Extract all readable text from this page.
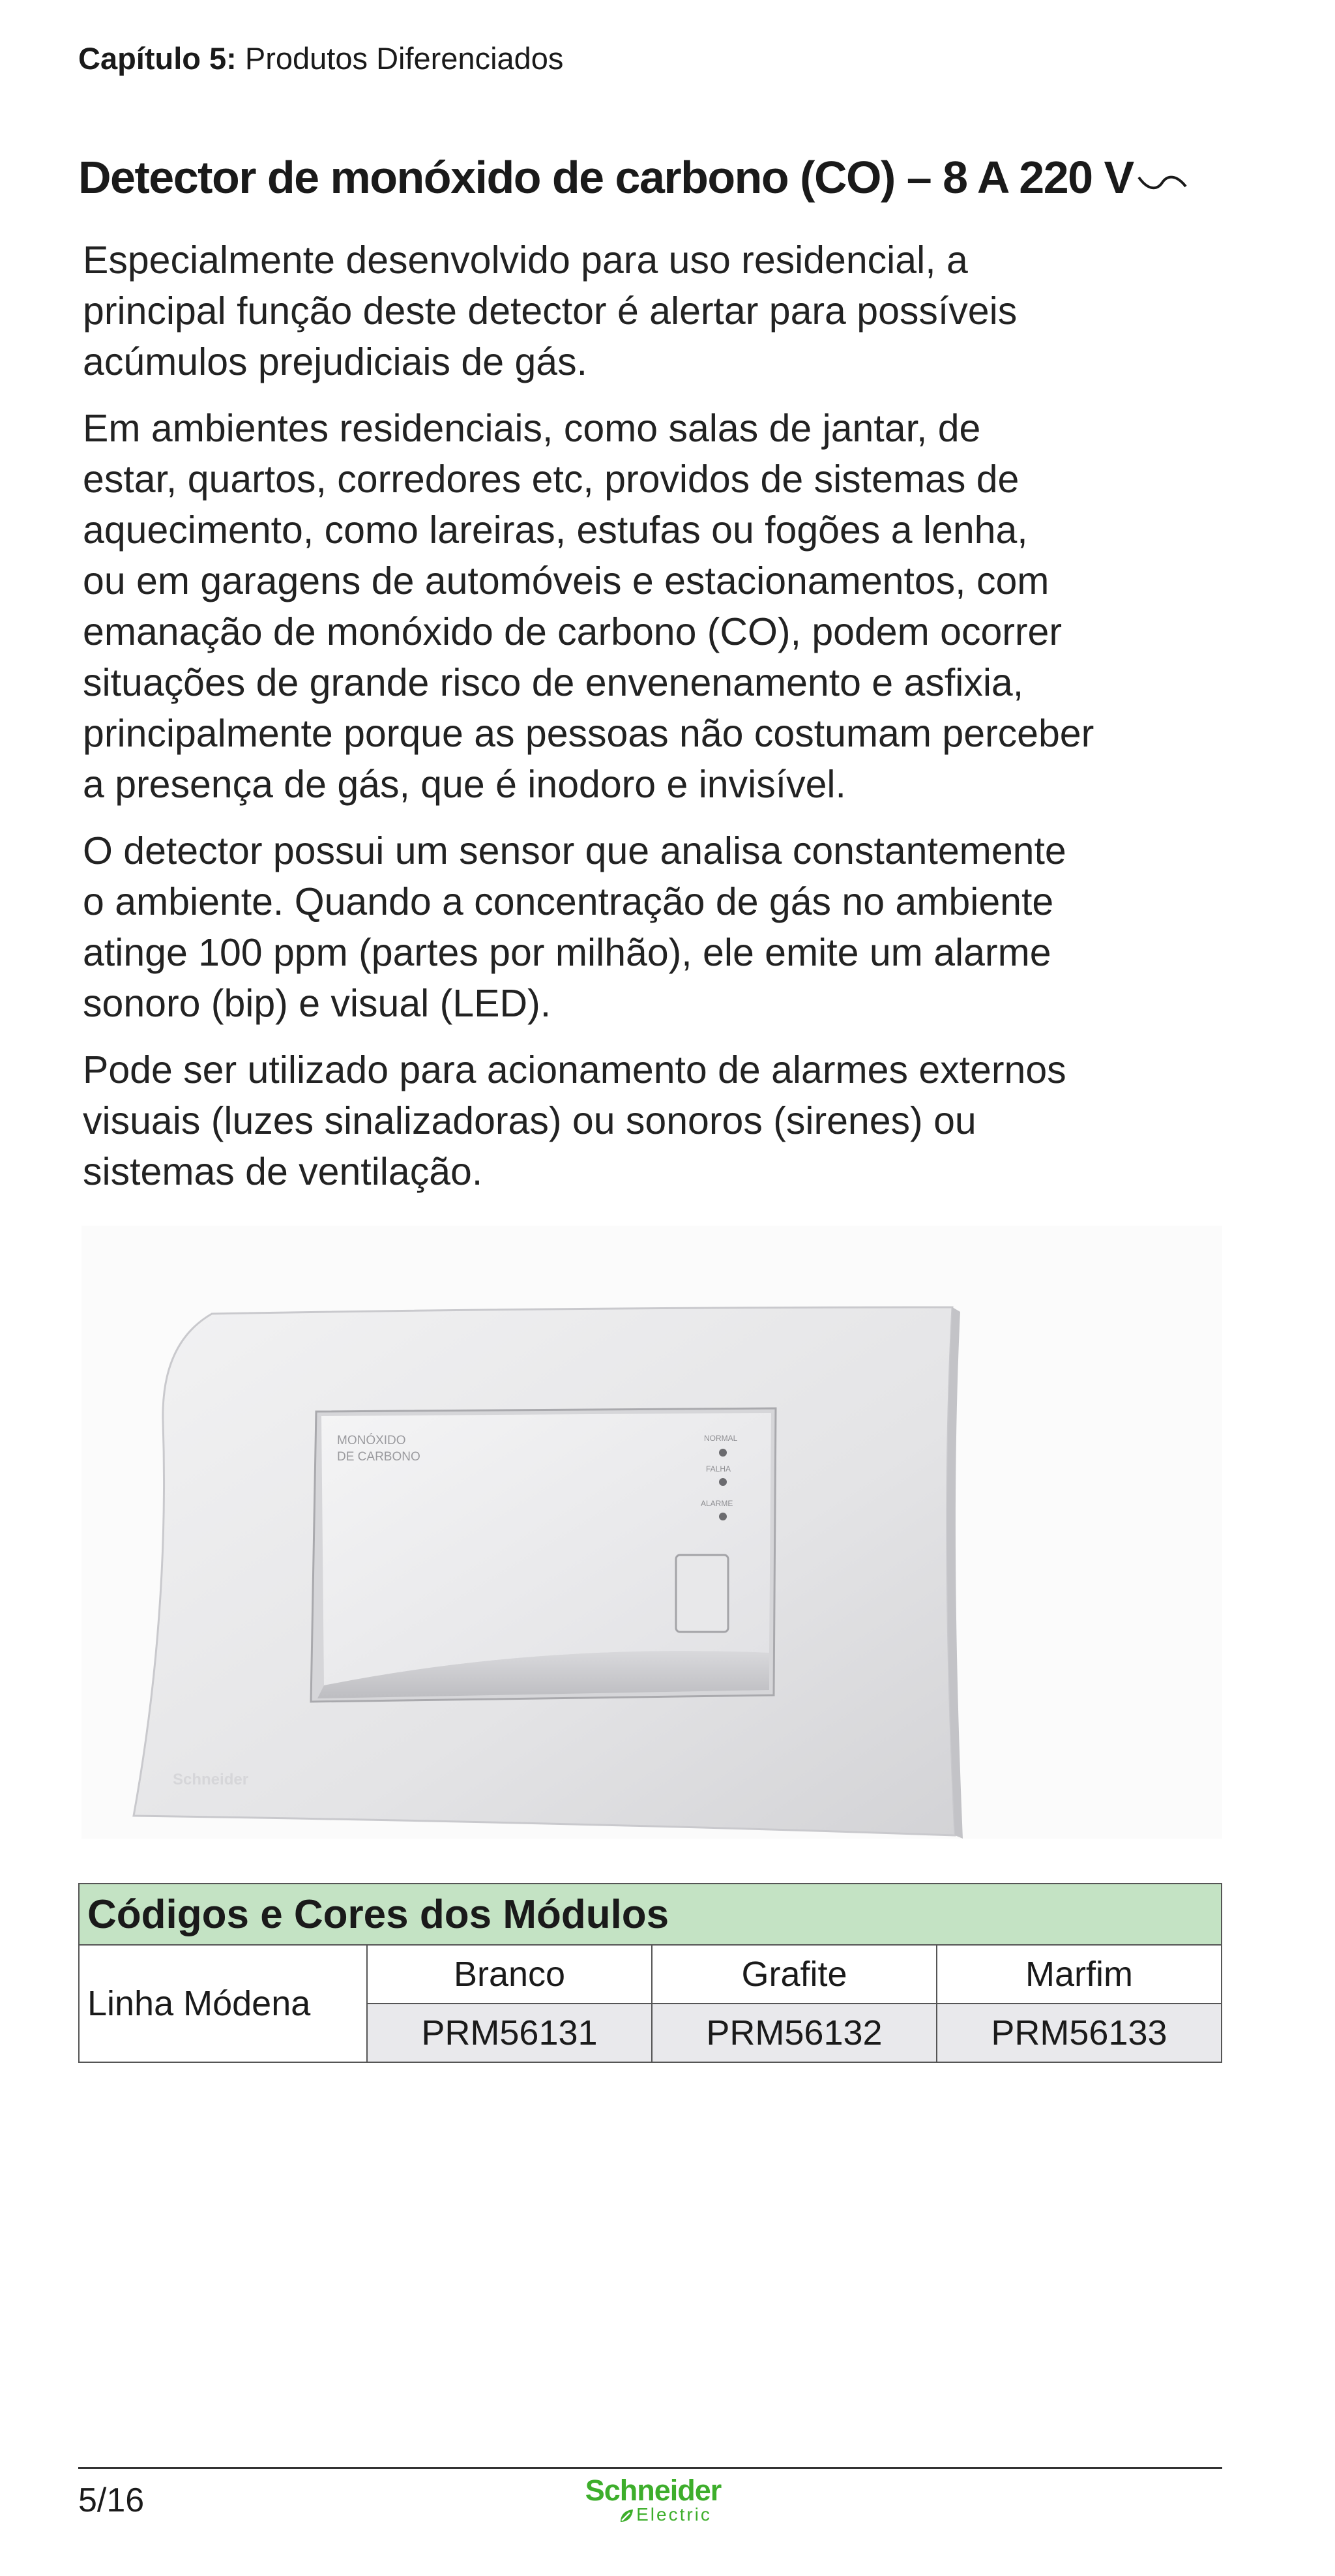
Capítulo 5: Produtos Diferenciados
Detector de monóxido de carbono (CO) – 8 A 220 V

Especialmente desenvolvido para uso residencial, a
principal função deste detector é alertar para possíveis
acúmulos prejudiciais de gás.

Em ambientes residenciais, como salas de jantar, de
estar, quartos, corredores etc, providos de sistemas de
aquecimento, como lareiras, estufas ou fogões a lenha,
ou em garagens de automóveis e estacionamentos, com
emanação de monóxido de carbono (CO), podem ocorrer
situações de grande risco de envenenamento e asfixia,
principalmente porque as pessoas não costumam perceber
a presença de gás, que é inodoro e invisível.

O detector possui um sensor que analisa constantemente
o ambiente. Quando a concentração de gás no ambiente
atinge 100 ppm (partes por milhão), ele emite um alarme
sonoro (bip) e visual (LED).

Pode ser utilizado para acionamento de alarmes externos
visuais (luzes sinalizadoras) ou sonoros (sirenes) ou
sistemas de ventilação.

MONÓXIDO
DE CARBONO
NORMAL
FALHA
ALARME
Schneider
Códigos e Cores dos Módulos			
Linha Módena	Branco	Grafite	Marfim
	PRM56131	PRM56132	PRM56133
5/16	Schneider
Electric
